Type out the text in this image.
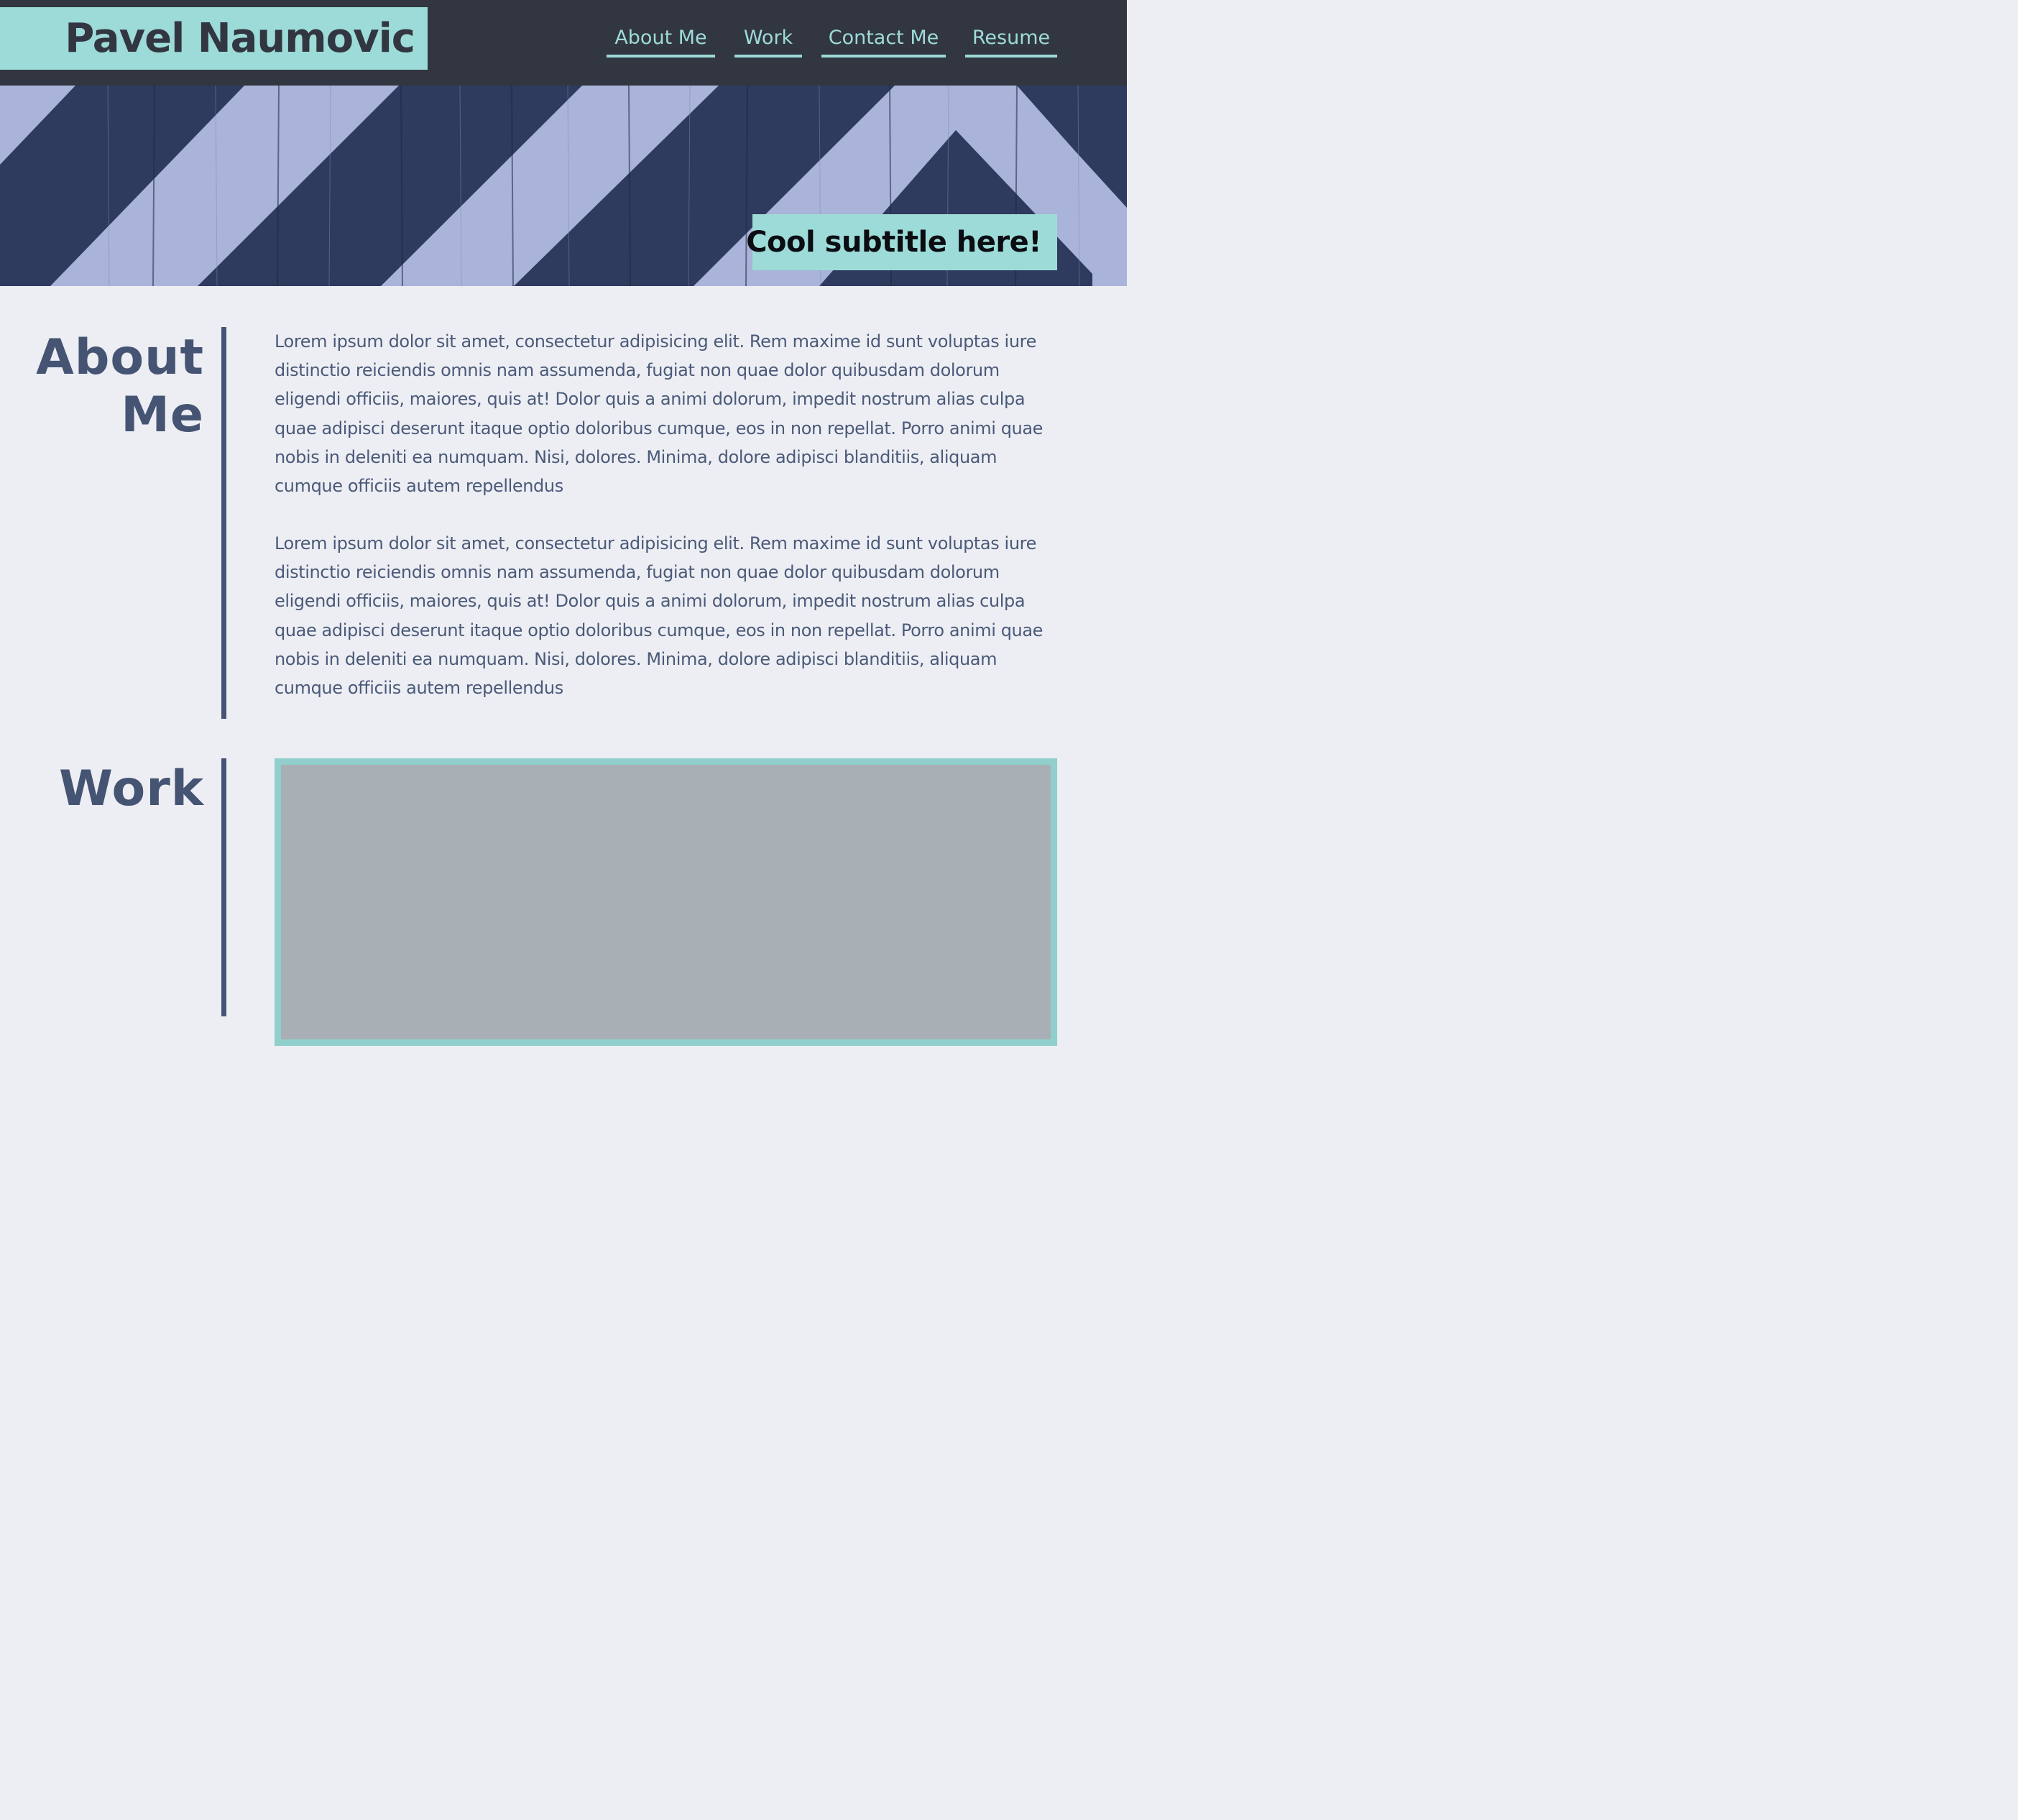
Pavel Naumovic	About Me	Work	Contact Me	Resume
Cool subtitle here!
About
Me

Lorem ipsum dolor sit amet, consectetur adipisicing elit. Rem maxime id sunt voluptas iure distinctio reiciendis omnis nam assumenda, fugiat non quae dolor quibusdam dolorum eligendi officiis, maiores, quis at! Dolor quis a animi dolorum, impedit nostrum alias culpa quae adipisci deserunt itaque optio doloribus cumque, eos in non repellat. Porro animi quae nobis in deleniti ea numquam. Nisi, dolores. Minima, dolore adipisci blanditiis, aliquam cumque officiis autem repellendus

Lorem ipsum dolor sit amet, consectetur adipisicing elit. Rem maxime id sunt voluptas iure distinctio reiciendis omnis nam assumenda, fugiat non quae dolor quibusdam dolorum eligendi officiis, maiores, quis at! Dolor quis a animi dolorum, impedit nostrum alias culpa quae adipisci deserunt itaque optio doloribus cumque, eos in non repellat. Porro animi quae nobis in deleniti ea numquam. Nisi, dolores. Minima, dolore adipisci blanditiis, aliquam cumque officiis autem repellendus

Work
